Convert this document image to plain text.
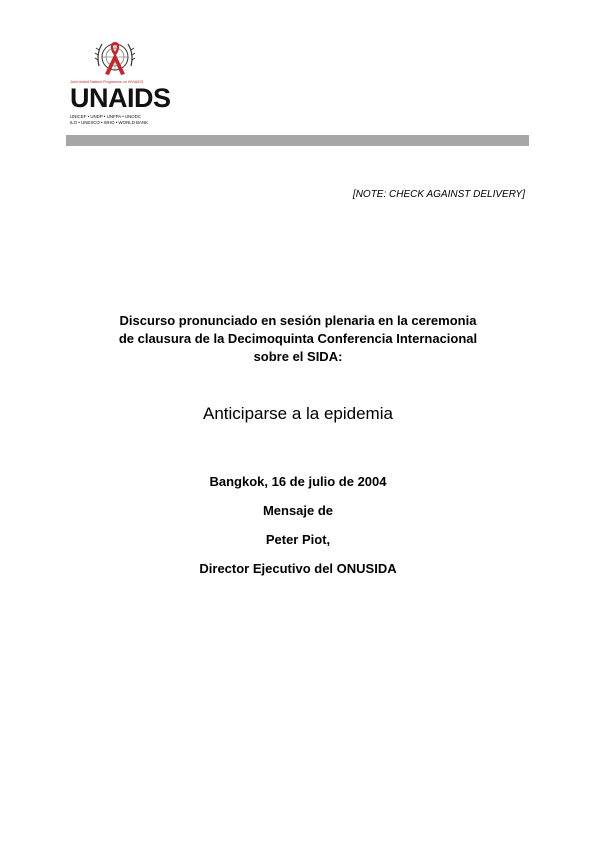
Joint United Nations Programme on HIV/AIDS
UNAIDS
UNICEF • UNDP • UNFPA • UNODC
ILO • UNESCO • WHO • WORLD BANK
[NOTE: CHECK AGAINST DELIVERY]
Discurso pronunciado en sesión plenaria en la ceremonia
de clausura de la Decimoquinta Conferencia Internacional
sobre el SIDA:
Anticiparse a la epidemia
Bangkok, 16 de julio de 2004
Mensaje de
Peter Piot,
Director Ejecutivo del ONUSIDA
